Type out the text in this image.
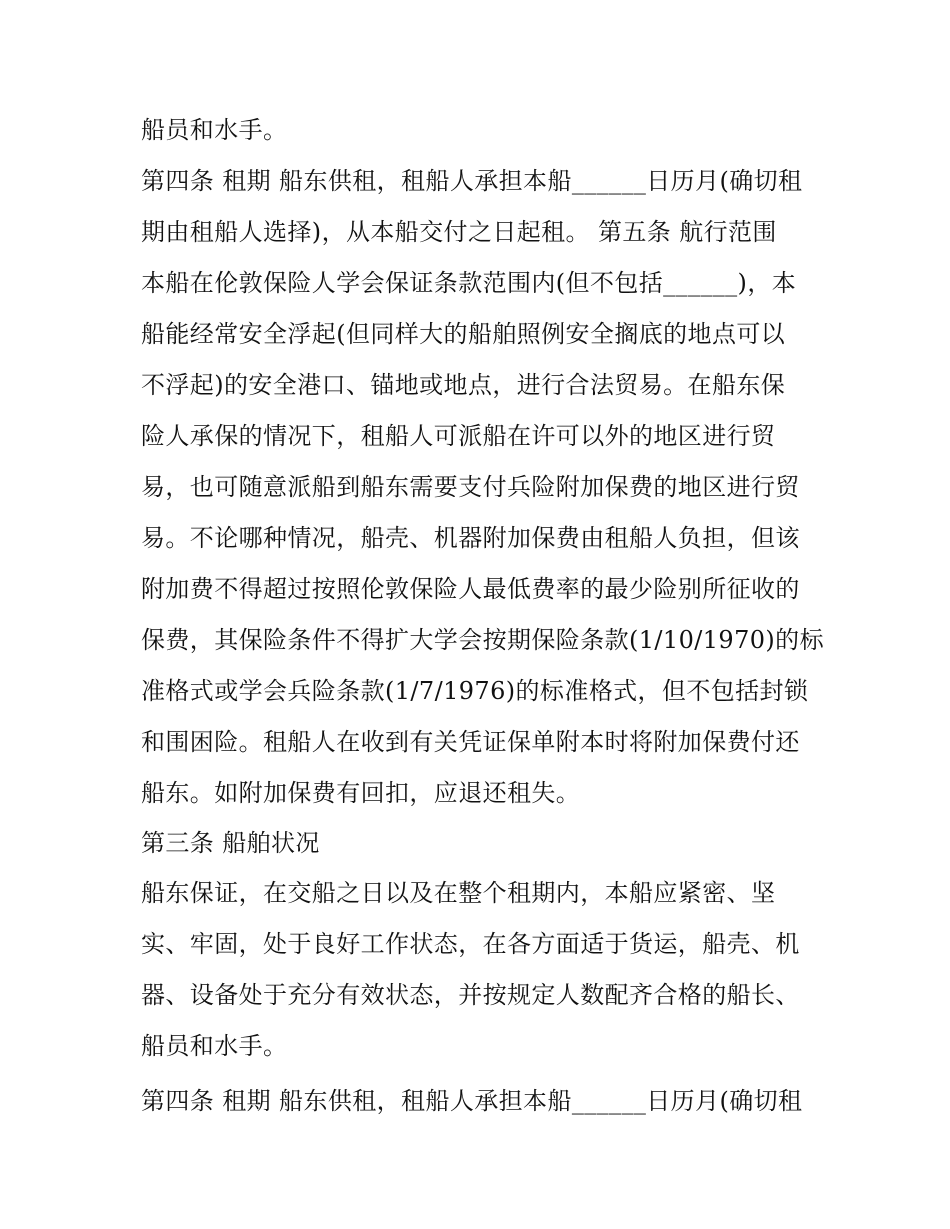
船员和水手。
第四条 租期 船东供租，租船人承担本船______日历月(确切租
期由租船人选择)，从本船交付之日起租。 第五条 航行范围
本船在伦敦保险人学会保证条款范围内(但不包括______)，本
船能经常安全浮起(但同样大的船舶照例安全搁底的地点可以
不浮起)的安全港口、锚地或地点，进行合法贸易。在船东保
险人承保的情况下，租船人可派船在许可以外的地区进行贸
易，也可随意派船到船东需要支付兵险附加保费的地区进行贸
易。不论哪种情况，船壳、机器附加保费由租船人负担，但该
附加费不得超过按照伦敦保险人最低费率的最少险别所征收的
保费，其保险条件不得扩大学会按期保险条款(1/10/1970)的标
准格式或学会兵险条款(1/7/1976)的标准格式，但不包括封锁
和围困险。租船人在收到有关凭证保单附本时将附加保费付还
船东。如附加保费有回扣，应退还租失。
第三条 船舶状况
船东保证，在交船之日以及在整个租期内，本船应紧密、坚
实、牢固，处于良好工作状态，在各方面适于货运，船壳、机
器、设备处于充分有效状态，并按规定人数配齐合格的船长、
船员和水手。
第四条 租期 船东供租，租船人承担本船______日历月(确切租
